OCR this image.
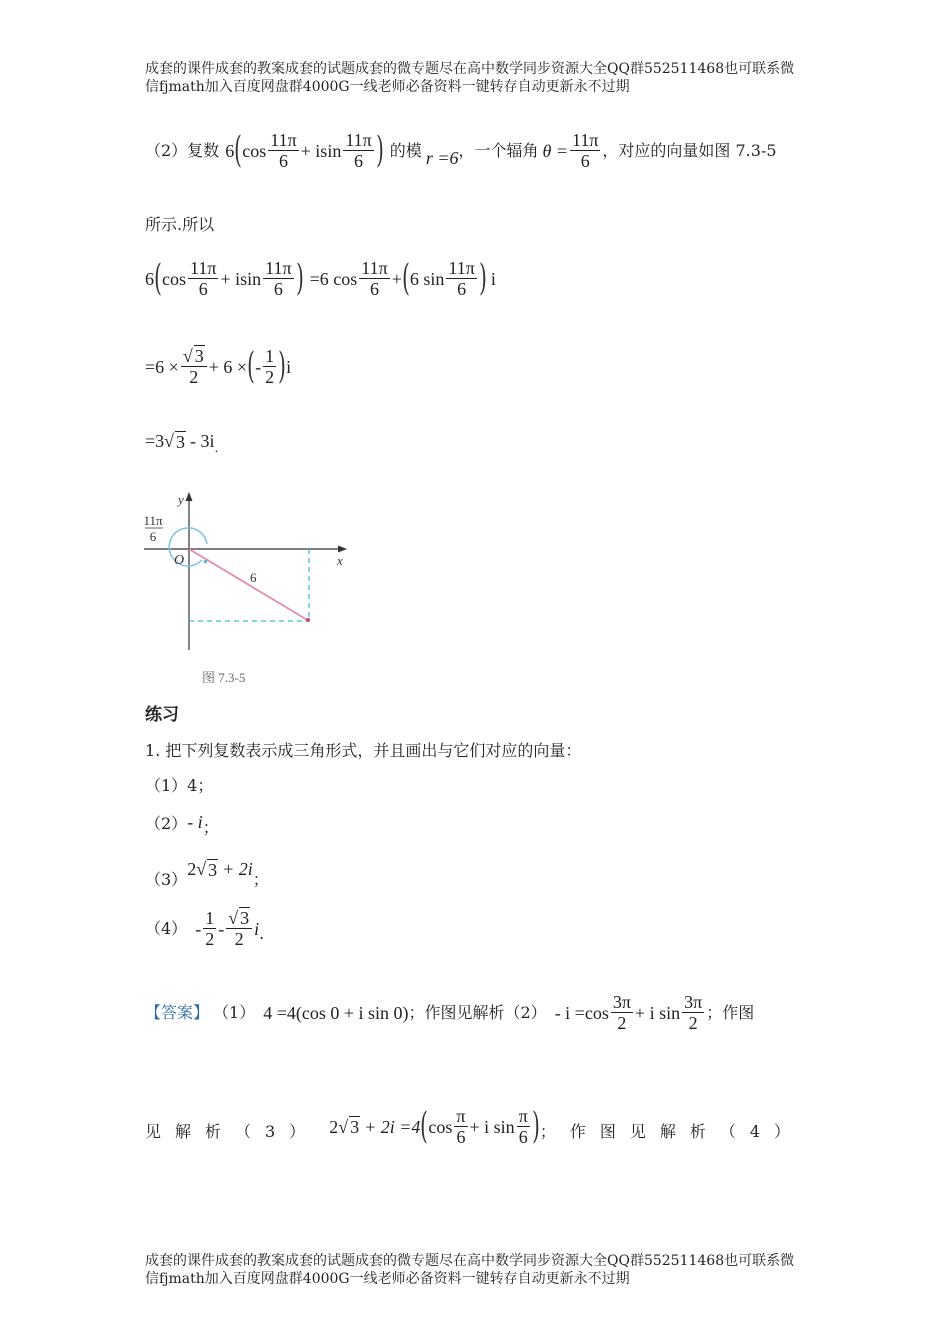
成套的课件成套的教案成套的试题成套的微专题尽在高中数学同步资源大全QQ群552511468也可联系微
信fjmath加入百度网盘群4000G一线老师必备资料一键转存自动更新永不过期
（2）复数 6 ( $\cos \frac{11\pi}{6} + isin \frac{11\pi}{6}$ ) 的模 r =6 ，一个辐角 $\theta = \frac{11\pi}{6}$ ，对应的向量如图 7.3-5
所示.所以
6 ( $\cos \frac{11\pi}{6} + isin \frac{11\pi}{6}$ ) =6 $\cos \frac{11\pi}{6}$ + ( 6 $\sin \frac{11\pi}{6}$ ) i
$=6 \times \frac{√ 3}{2} + 6$ × ( - $\frac{1}{2}$ ) i
=3 √ 3 - 3i .
11π
6
O	x
y
6
图 7.3-5
练习
1. 把下列复数表示成三角形式，并且画出与它们对应的向量：
（1）4；
（2） - i ；
（3）
2 √ 3 + 2i
；
$(4) - \frac{1}{2} - \frac{√ 3}{2}$ i .
【答案】 （1） 4 =4(cos 0 + i sin 0) ；作图见解析$(2) - i =\cos \frac{3\pi}{2} + i$ $\sin \frac{3\pi}{2}$ ；作图
见解析（3） 2 √ 3 + 2i =4 ( $\cos \frac{\pi}{6} + i$ $\sin \frac{\pi}{6}$ ) ；作图见解析（4）
成套的课件成套的教案成套的试题成套的微专题尽在高中数学同步资源大全QQ群552511468也可联系微
信fjmath加入百度网盘群4000G一线老师必备资料一键转存自动更新永不过期
